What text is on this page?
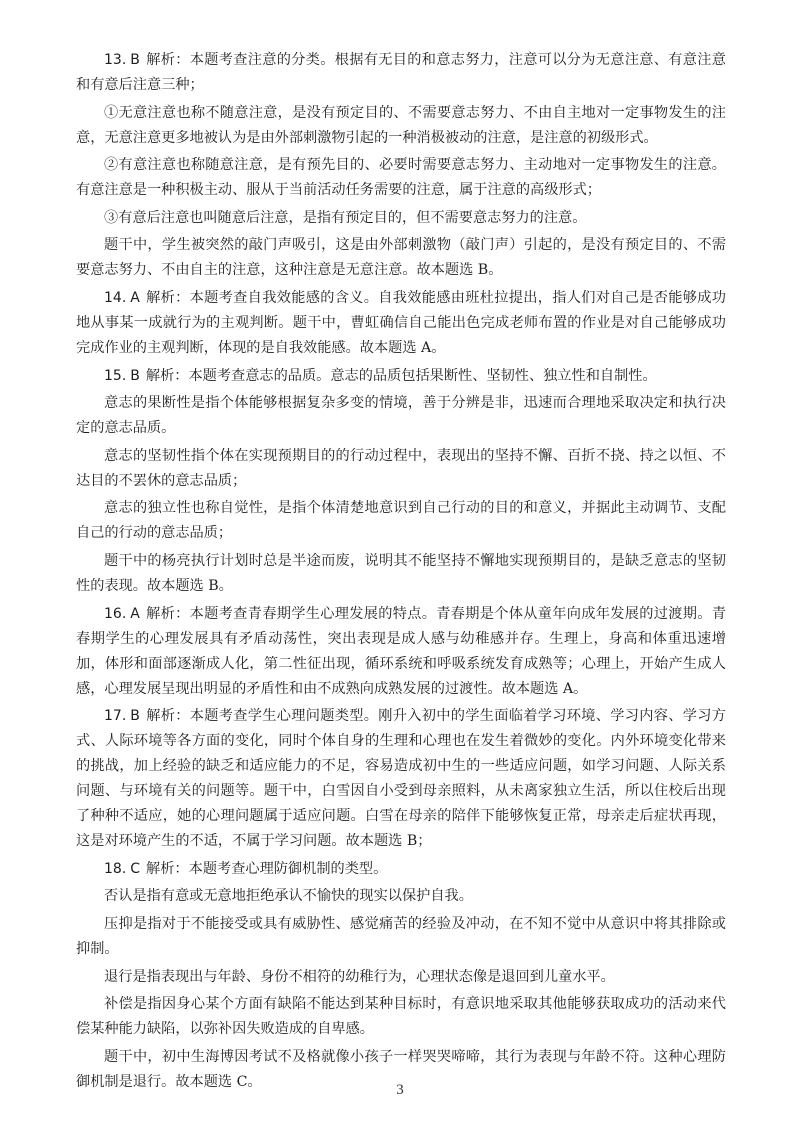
13. B 解析：本题考查注意的分类。根据有无目的和意志努力，注意可以分为无意注意、有意注意和有意后注意三种；

①无意注意也称不随意注意，是没有预定目的、不需要意志努力、不由自主地对一定事物发生的注意，无意注意更多地被认为是由外部刺激物引起的一种消极被动的注意，是注意的初级形式。

②有意注意也称随意注意，是有预先目的、必要时需要意志努力、主动地对一定事物发生的注意。有意注意是一种积极主动、服从于当前活动任务需要的注意，属于注意的高级形式；

③有意后注意也叫随意后注意，是指有预定目的，但不需要意志努力的注意。

题干中，学生被突然的敲门声吸引，这是由外部刺激物（敲门声）引起的，是没有预定目的、不需要意志努力、不由自主的注意，这种注意是无意注意。故本题选 B。

14. A 解析：本题考查自我效能感的含义。自我效能感由班杜拉提出，指人们对自己是否能够成功地从事某一成就行为的主观判断。题干中，曹虹确信自己能出色完成老师布置的作业是对自己能够成功完成作业的主观判断，体现的是自我效能感。故本题选 A。

15. B 解析：本题考查意志的品质。意志的品质包括果断性、坚韧性、独立性和自制性。

意志的果断性是指个体能够根据复杂多变的情境，善于分辨是非，迅速而合理地采取决定和执行决定的意志品质。

意志的坚韧性指个体在实现预期目的的行动过程中，表现出的坚持不懈、百折不挠、持之以恒、不达目的不罢休的意志品质；

意志的独立性也称自觉性，是指个体清楚地意识到自己行动的目的和意义，并据此主动调节、支配自己的行动的意志品质；

题干中的杨亮执行计划时总是半途而废，说明其不能坚持不懈地实现预期目的，是缺乏意志的坚韧性的表现。故本题选 B。

16. A 解析：本题考查青春期学生心理发展的特点。青春期是个体从童年向成年发展的过渡期。青春期学生的心理发展具有矛盾动荡性，突出表现是成人感与幼稚感并存。生理上，身高和体重迅速增加，体形和面部逐渐成人化，第二性征出现，循环系统和呼吸系统发育成熟等；心理上，开始产生成人感，心理发展呈现出明显的矛盾性和由不成熟向成熟发展的过渡性。故本题选 A。

17. B 解析：本题考查学生心理问题类型。刚升入初中的学生面临着学习环境、学习内容、学习方式、人际环境等各方面的变化，同时个体自身的生理和心理也在发生着微妙的变化。内外环境变化带来的挑战，加上经验的缺乏和适应能力的不足，容易造成初中生的一些适应问题，如学习问题、人际关系问题、与环境有关的问题等。题干中，白雪因自小受到母亲照料，从未离家独立生活，所以住校后出现了种种不适应，她的心理问题属于适应问题。白雪在母亲的陪伴下能够恢复正常，母亲走后症状再现，这是对环境产生的不适，不属于学习问题。故本题选 B；

18. C 解析：本题考查心理防御机制的类型。

否认是指有意或无意地拒绝承认不愉快的现实以保护自我。

压抑是指对于不能接受或具有威胁性、感觉痛苦的经验及冲动，在不知不觉中从意识中将其排除或抑制。

退行是指表现出与年龄、身份不相符的幼稚行为，心理状态像是退回到儿童水平。

补偿是指因身心某个方面有缺陷不能达到某种目标时，有意识地采取其他能够获取成功的活动来代偿某种能力缺陷，以弥补因失败造成的自卑感。

题干中，初中生海博因考试不及格就像小孩子一样哭哭啼啼，其行为表现与年龄不符。这种心理防御机制是退行。故本题选 C。

3
